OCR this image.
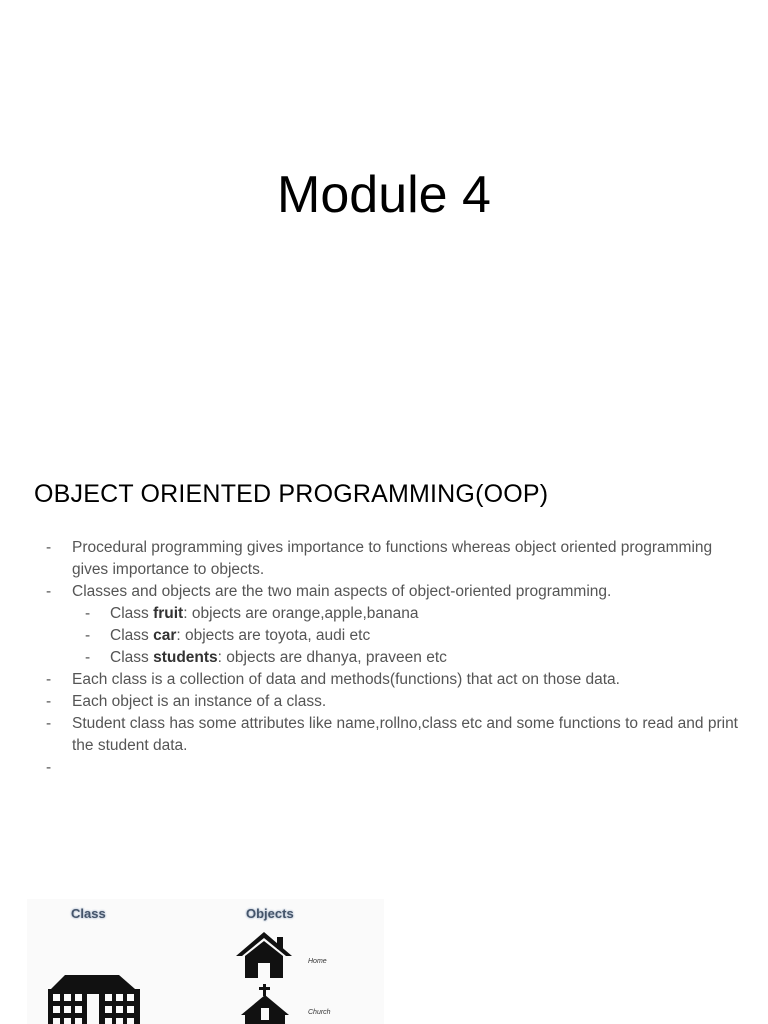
Module 4
OBJECT ORIENTED PROGRAMMING(OOP)
- Procedural programming gives importance to functions whereas object oriented programming gives importance to objects.
- Classes and objects are the two main aspects of object-oriented programming.
- Class fruit: objects are orange,apple,banana
- Class car: objects are toyota, audi etc
- Class students: objects are dhanya, praveen etc
- Each class is a collection of data and methods(functions) that act on those data.
- Each object is an instance of a class.
- Student class has some attributes like name,rollno,class etc and some functions to read and print the student data.
-

Class	Objects
Home
Church
